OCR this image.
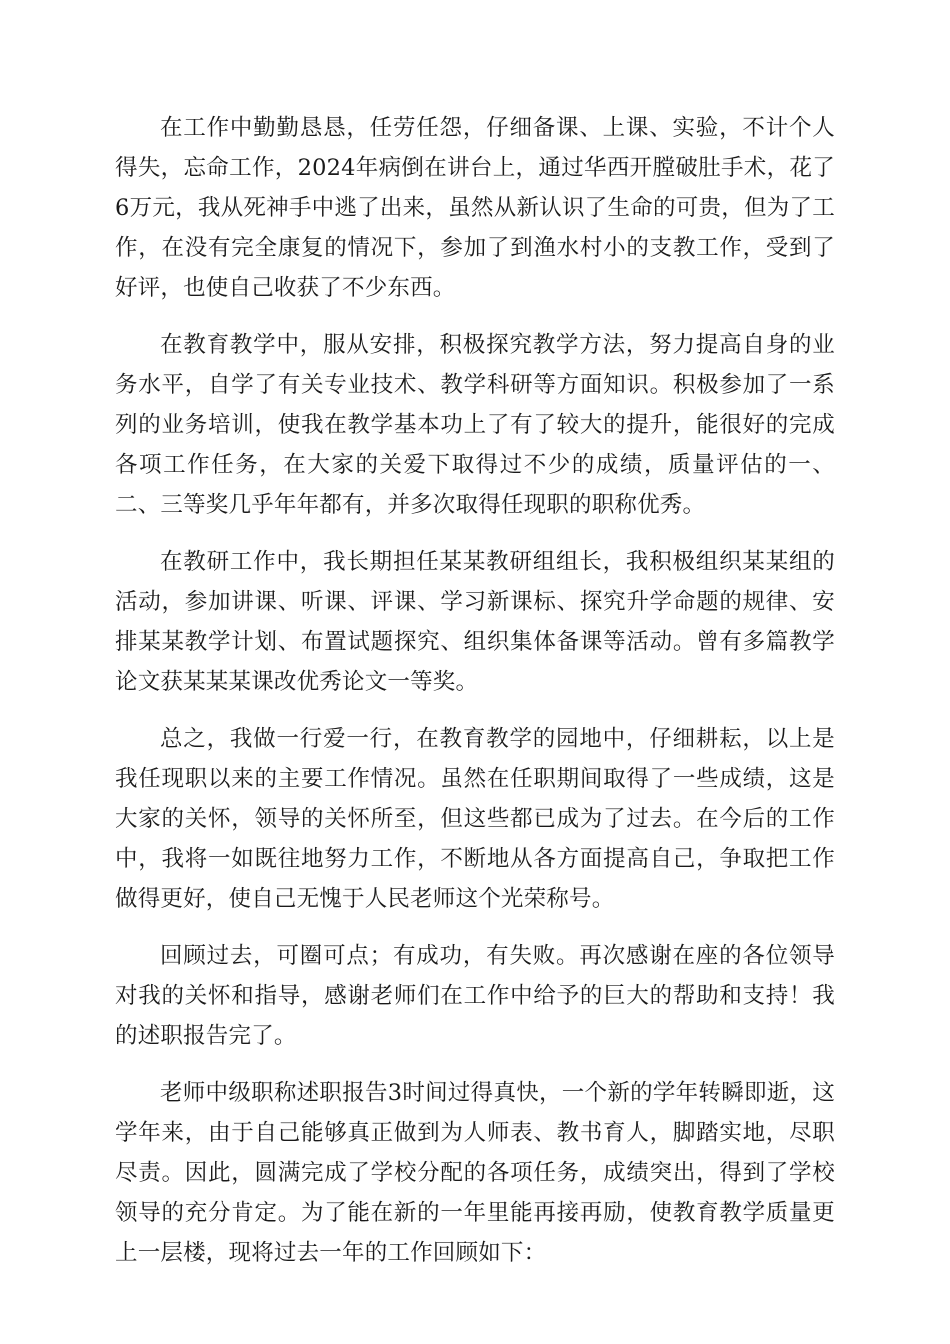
在工作中勤勤恳恳，任劳任怨，仔细备课、上课、实验，不计个人得失，忘命工作，2024年病倒在讲台上，通过华西开膛破肚手术，花了6万元，我从死神手中逃了出来，虽然从新认识了生命的可贵，但为了工作，在没有完全康复的情况下，参加了到渔水村小的支教工作，受到了好评，也使自己收获了不少东西。

在教育教学中，服从安排，积极探究教学方法，努力提高自身的业务水平，自学了有关专业技术、教学科研等方面知识。积极参加了一系列的业务培训，使我在教学基本功上了有了较大的提升，能很好的完成各项工作任务，在大家的关爱下取得过不少的成绩，质量评估的一、二、三等奖几乎年年都有，并多次取得任现职的职称优秀。

在教研工作中，我长期担任某某教研组组长，我积极组织某某组的活动，参加讲课、听课、评课、学习新课标、探究升学命题的规律、安排某某教学计划、布置试题探究、组织集体备课等活动。曾有多篇教学论文获某某某课改优秀论文一等奖。

总之，我做一行爱一行，在教育教学的园地中，仔细耕耘，以上是我任现职以来的主要工作情况。虽然在任职期间取得了一些成绩，这是大家的关怀，领导的关怀所至，但这些都已成为了过去。在今后的工作中，我将一如既往地努力工作，不断地从各方面提高自己，争取把工作做得更好，使自己无愧于人民老师这个光荣称号。

回顾过去，可圈可点；有成功，有失败。再次感谢在座的各位领导对我的关怀和指导，感谢老师们在工作中给予的巨大的帮助和支持！我的述职报告完了。

老师中级职称述职报告3时间过得真快，一个新的学年转瞬即逝，这学年来，由于自己能够真正做到为人师表、教书育人，脚踏实地，尽职尽责。因此，圆满完成了学校分配的各项任务，成绩突出，得到了学校领导的充分肯定。为了能在新的一年里能再接再励，使教育教学质量更上一层楼，现将过去一年的工作回顾如下：
